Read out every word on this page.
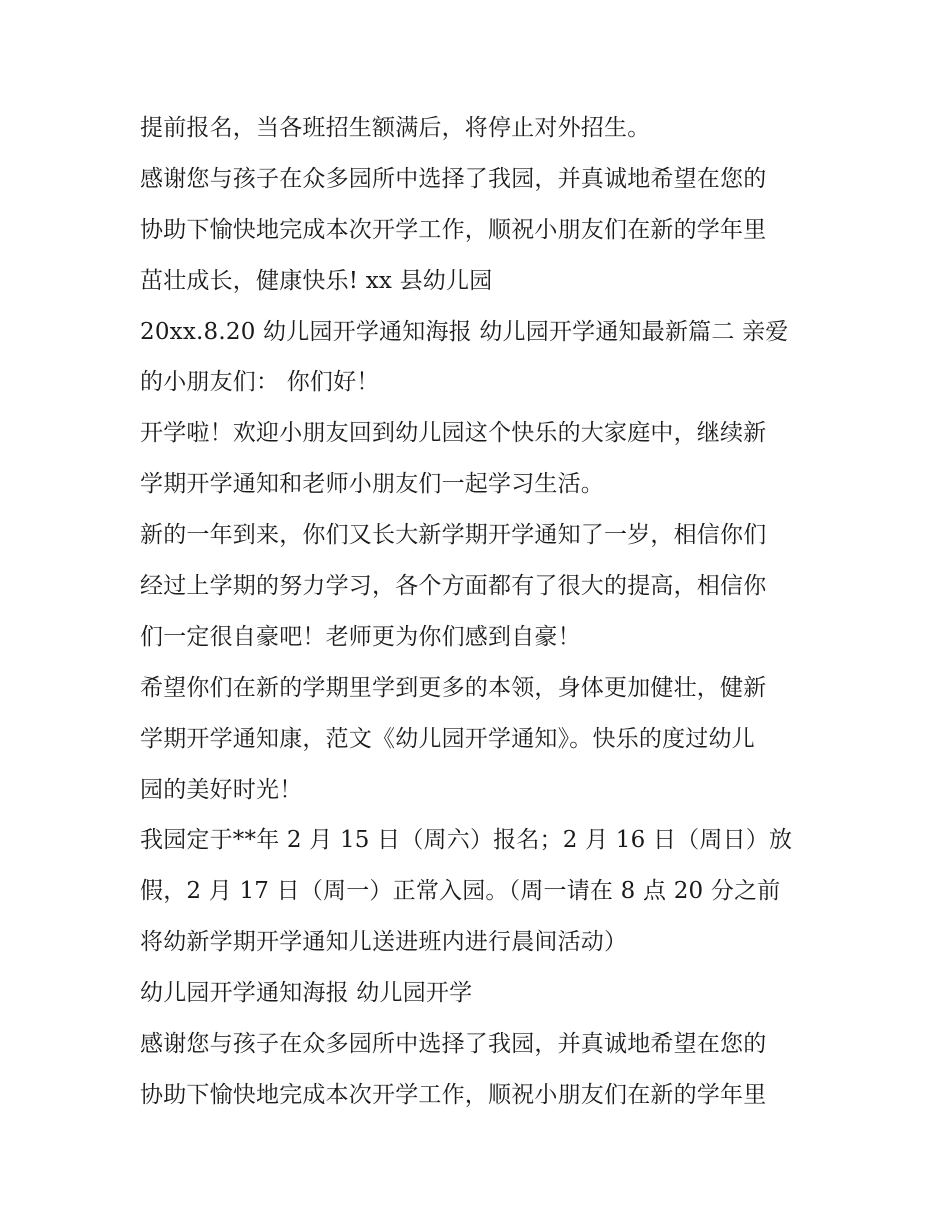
提前报名，当各班招生额满后，将停止对外招生。
感谢您与孩子在众多园所中选择了我园，并真诚地希望在您的
协助下愉快地完成本次开学工作，顺祝小朋友们在新的学年里
茁壮成长，健康快乐! xx 县幼儿园
20xx.8.20 幼儿园开学通知海报 幼儿园开学通知最新篇二 亲爱
的小朋友们： 你们好！
开学啦！欢迎小朋友回到幼儿园这个快乐的大家庭中，继续新
学期开学通知和老师小朋友们一起学习生活。
新的一年到来，你们又长大新学期开学通知了一岁，相信你们
经过上学期的努力学习，各个方面都有了很大的提高，相信你
们一定很自豪吧！老师更为你们感到自豪！
希望你们在新的学期里学到更多的本领，身体更加健壮，健新
学期开学通知康，范文《幼儿园开学通知》。快乐的度过幼儿
园的美好时光！
我园定于**年 2 月 15 日（周六）报名；2 月 16 日（周日）放
假，2 月 17 日（周一）正常入园。（周一请在 8 点 20 分之前
将幼新学期开学通知儿送进班内进行晨间活动）
幼儿园开学通知海报 幼儿园开学
感谢您与孩子在众多园所中选择了我园，并真诚地希望在您的
协助下愉快地完成本次开学工作，顺祝小朋友们在新的学年里
